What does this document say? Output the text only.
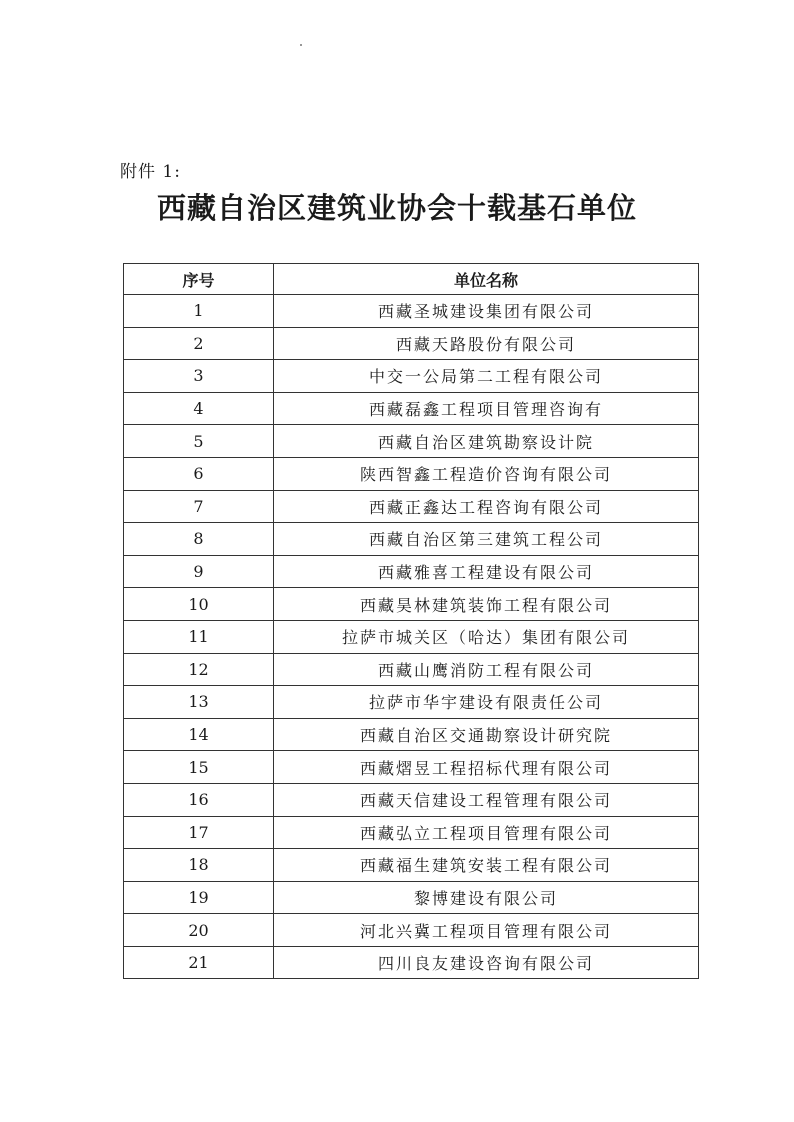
附件 1:
西藏自治区建筑业协会十载基石单位
序号	单位名称
1	西藏圣城建设集团有限公司
2	西藏天路股份有限公司
3	中交一公局第二工程有限公司
4	西藏磊鑫工程项目管理咨询有
5	西藏自治区建筑勘察设计院
6	陕西智鑫工程造价咨询有限公司
7	西藏正鑫达工程咨询有限公司
8	西藏自治区第三建筑工程公司
9	西藏雅喜工程建设有限公司
10	西藏昊林建筑装饰工程有限公司
11	拉萨市城关区（哈达）集团有限公司
12	西藏山鹰消防工程有限公司
13	拉萨市华宇建设有限责任公司
14	西藏自治区交通勘察设计研究院
15	西藏熠昱工程招标代理有限公司
16	西藏天信建设工程管理有限公司
17	西藏弘立工程项目管理有限公司
18	西藏福生建筑安装工程有限公司
19	黎博建设有限公司
20	河北兴冀工程项目管理有限公司
21	四川良友建设咨询有限公司
